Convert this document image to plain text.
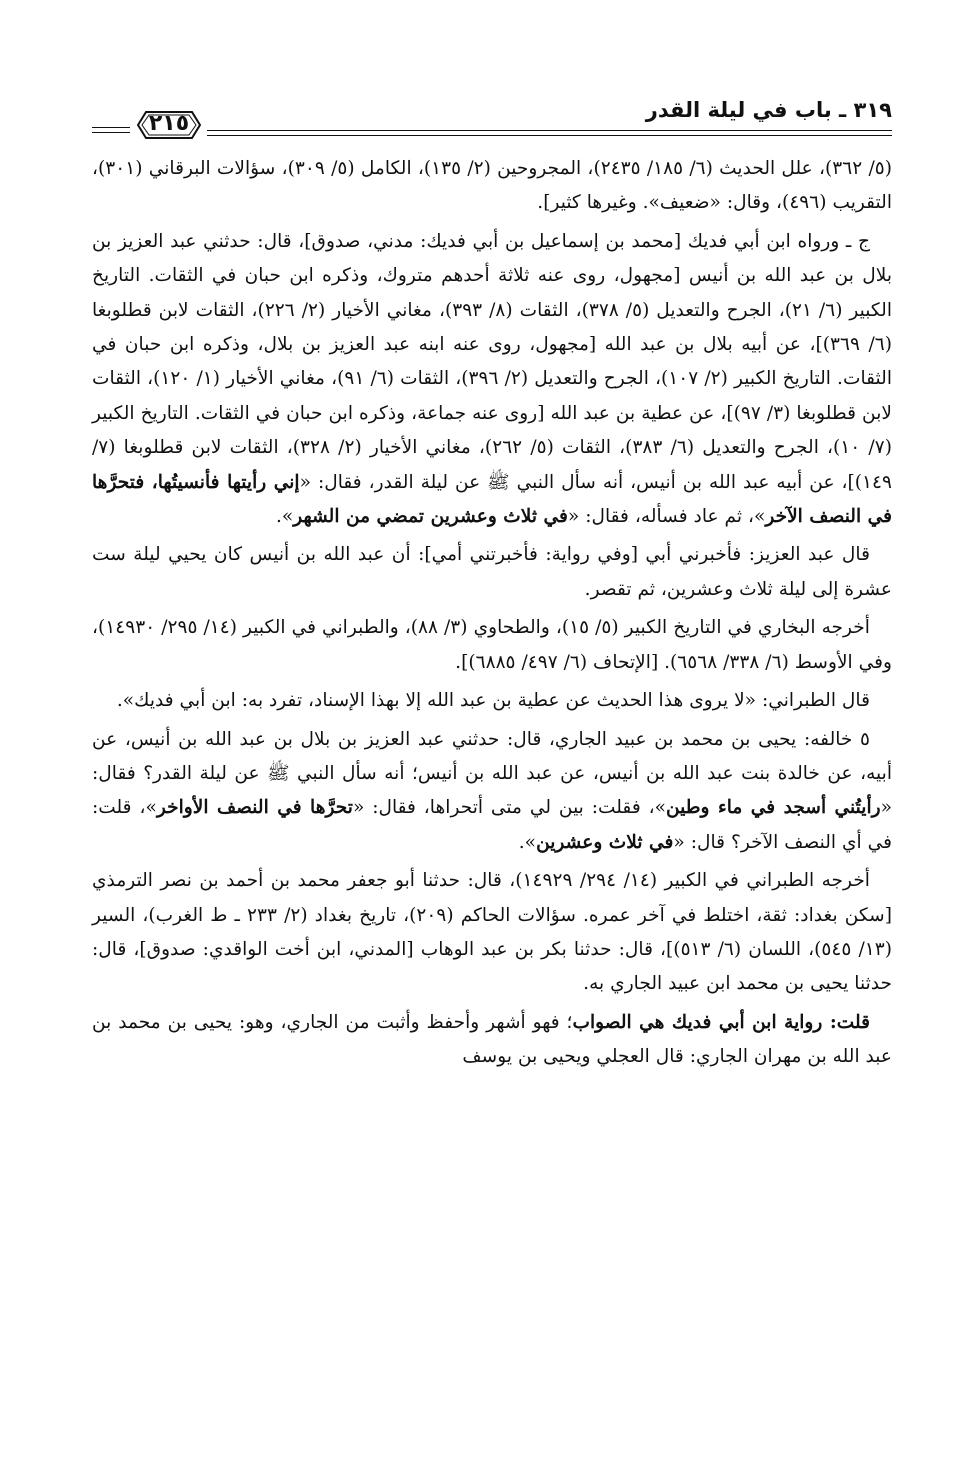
٣١٩ ـ باب في ليلة القدر
٢١٥

(٥/ ٣٦٢)، علل الحديث (٦/ ١٨٥/ ٢٤٣٥)، المجروحين (٢/ ١٣٥)، الكامل (٥/ ٣٠٩)، سؤالات البرقاني (٣٠١)، التقريب (٤٩٦)، وقال: «ضعيف». وغيرها كثير].

ج ـ ورواه ابن أبي فديك [محمد بن إسماعيل بن أبي فديك: مدني، صدوق]، قال: حدثني عبد العزيز بن بلال بن عبد الله بن أنيس [مجهول، روى عنه ثلاثة أحدهم متروك، وذكره ابن حبان في الثقات. التاريخ الكبير (٦/ ٢١)، الجرح والتعديل (٥/ ٣٧٨)، الثقات (٨/ ٣٩٣)، مغاني الأخيار (٢/ ٢٢٦)، الثقات لابن قطلوبغا (٦/ ٣٦٩)]، عن أبيه بلال بن عبد الله [مجهول، روى عنه ابنه عبد العزيز بن بلال، وذكره ابن حبان في الثقات. التاريخ الكبير (٢/ ١٠٧)، الجرح والتعديل (٢/ ٣٩٦)، الثقات (٦/ ٩١)، مغاني الأخيار (١/ ١٢٠)، الثقات لابن قطلوبغا (٣/ ٩٧)]، عن عطية بن عبد الله [روى عنه جماعة، وذكره ابن حبان في الثقات. التاريخ الكبير (٧/ ١٠)، الجرح والتعديل (٦/ ٣٨٣)، الثقات (٥/ ٢٦٢)، مغاني الأخيار (٢/ ٣٢٨)، الثقات لابن قطلوبغا (٧/ ١٤٩)]، عن أبيه عبد الله بن أنيس، أنه سأل النبي ﷺ عن ليلة القدر، فقال: «إني رأيتها فأنسيتُها، فتحرَّها في النصف الآخر»، ثم عاد فسأله، فقال: «في ثلاث وعشرين تمضي من الشهر».

قال عبد العزيز: فأخبرني أبي [وفي رواية: فأخبرتني أمي]: أن عبد الله بن أنيس كان يحيي ليلة ست عشرة إلى ليلة ثلاث وعشرين، ثم تقصر.

أخرجه البخاري في التاريخ الكبير (٥/ ١٥)، والطحاوي (٣/ ٨٨)، والطبراني في الكبير (١٤/ ٢٩٥/ ١٤٩٣٠)، وفي الأوسط (٦/ ٣٣٨/ ٦٥٦٨). [الإتحاف (٦/ ٤٩٧/ ٦٨٨٥)].

قال الطبراني: «لا يروى هذا الحديث عن عطية بن عبد الله إلا بهذا الإسناد، تفرد به: ابن أبي فديك».

٥ خالفه: يحيى بن محمد بن عبيد الجاري، قال: حدثني عبد العزيز بن بلال بن عبد الله بن أنيس، عن أبيه، عن خالدة بنت عبد الله بن أنيس، عن عبد الله بن أنيس؛ أنه سأل النبي ﷺ عن ليلة القدر؟ فقال: «رأيتُني أسجد في ماء وطين»، فقلت: بين لي متى أتحراها، فقال: «تحرَّها في النصف الأواخر»، قلت: في أي النصف الآخر؟ قال: «في ثلاث وعشرين».

أخرجه الطبراني في الكبير (١٤/ ٢٩٤/ ١٤٩٢٩)، قال: حدثنا أبو جعفر محمد بن أحمد بن نصر الترمذي [سكن بغداد: ثقة، اختلط في آخر عمره. سؤالات الحاكم (٢٠٩)، تاريخ بغداد (٢/ ٢٣٣ ـ ط الغرب)، السير (١٣/ ٥٤٥)، اللسان (٦/ ٥١٣)]، قال: حدثنا بكر بن عبد الوهاب [المدني، ابن أخت الواقدي: صدوق]، قال: حدثنا يحيى بن محمد ابن عبيد الجاري به.

قلت: رواية ابن أبي فديك هي الصواب؛ فهو أشهر وأحفظ وأثبت من الجاري، وهو: يحيى بن محمد بن عبد الله بن مهران الجاري: قال العجلي ويحيى بن يوسف
